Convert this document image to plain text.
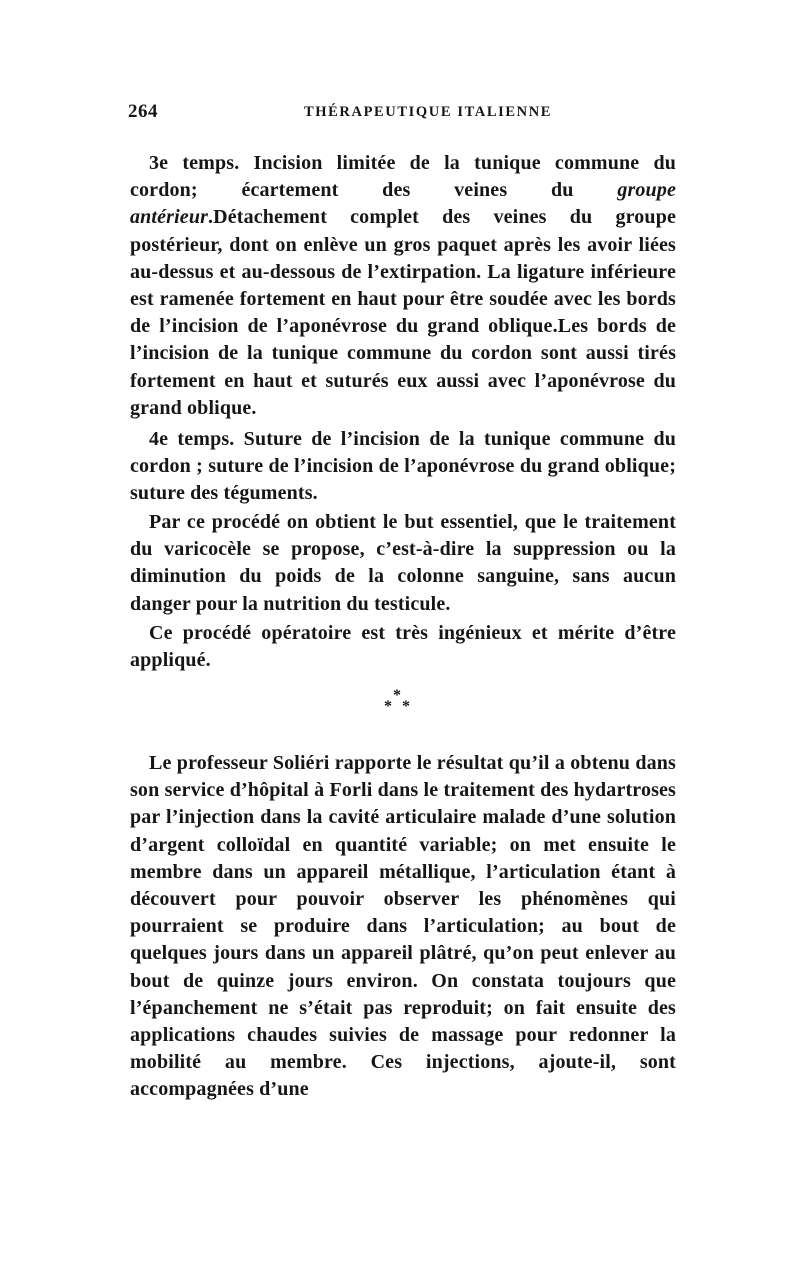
264	THÉRAPEUTIQUE ITALIENNE

3e temps. Incision limitée de la tunique commune du cordon; écartement des veines du groupe antérieur.Détachement complet des veines du groupe postérieur, dont on enlève un gros paquet après les avoir liées au-dessus et au-dessous de l’extirpation. La ligature inférieure est ramenée fortement en haut pour être soudée avec les bords de l’incision de l’aponévrose du grand oblique.Les bords de l’incision de la tunique commune du cordon sont aussi tirés fortement en haut et suturés eux aussi avec l’aponévrose du grand oblique.

4e temps. Suture de l’incision de la tunique commune du cordon ; suture de l’incision de l’aponévrose du grand oblique; suture des téguments.

Par ce procédé on obtient le but essentiel, que le traitement du varicocèle se propose, c’est-à-dire la suppression ou la diminution du poids de la colonne sanguine, sans aucun danger pour la nutrition du testicule.

Ce procédé opératoire est très ingénieux et mérite d’être appliqué.

*
* *

Le professeur Soliéri rapporte le résultat qu’il a obtenu dans son service d’hôpital à Forli dans le traitement des hydartroses par l’injection dans la cavité articulaire malade d’une solution d’argent colloïdal en quantité variable; on met ensuite le membre dans un appareil métallique, l’articulation étant à découvert pour pouvoir observer les phénomènes qui pourraient se produire dans l’articulation; au bout de quelques jours dans un appareil plâtré, qu’on peut enlever au bout de quinze jours environ. On constata toujours que l’épanchement ne s’était pas reproduit; on fait ensuite des applications chaudes suivies de massage pour redonner la mobilité au membre. Ces injections, ajoute-il, sont accompagnées d’une
